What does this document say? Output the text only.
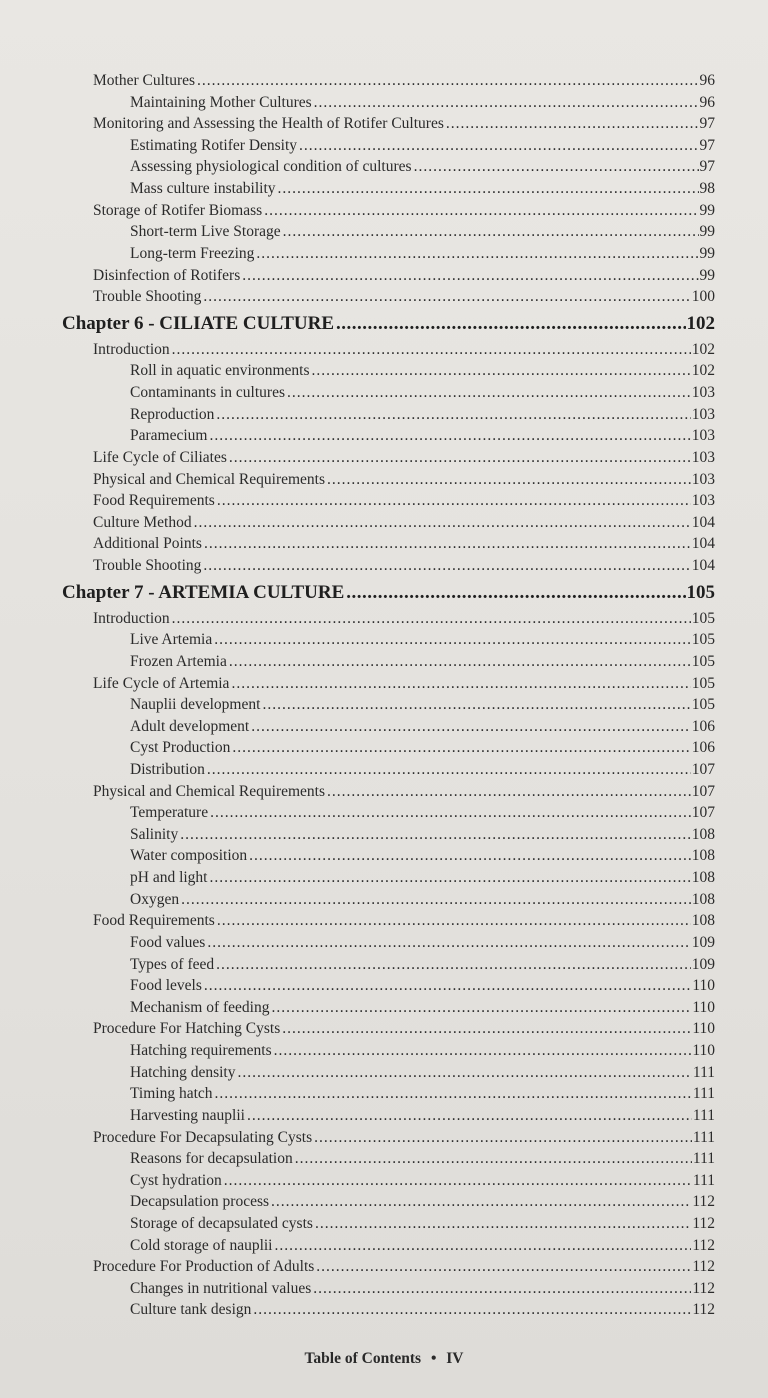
Mother Cultures .....	96
Maintaining Mother Cultures .....	96
Monitoring and Assessing the Health of Rotifer Cultures .....	97
Estimating Rotifer Density .....	97
Assessing physiological condition of cultures .....	97
Mass culture instability .....	98
Storage of Rotifer Biomass .....	99
Short-term Live Storage .....	99
Long-term Freezing .....	99
Disinfection of Rotifers .....	99
Trouble Shooting .....	100
Chapter 6 - CILIATE CULTURE .....	102
Introduction .....	102
Roll in aquatic environments .....	102
Contaminants in cultures .....	103
Reproduction .....	103
Paramecium .....	103
Life Cycle of Ciliates .....	103
Physical and Chemical Requirements .....	103
Food Requirements .....	103
Culture Method .....	104
Additional Points .....	104
Trouble Shooting .....	104
Chapter 7 - ARTEMIA CULTURE .....	105
Introduction .....	105
Live Artemia .....	105
Frozen Artemia .....	105
Life Cycle of Artemia .....	105
Nauplii development .....	105
Adult development .....	106
Cyst Production .....	106
Distribution .....	107
Physical and Chemical Requirements .....	107
Temperature .....	107
Salinity .....	108
Water composition .....	108
pH and light .....	108
Oxygen .....	108
Food Requirements .....	108
Food values .....	109
Types of feed .....	109
Food levels .....	110
Mechanism of feeding .....	110
Procedure For Hatching Cysts .....	110
Hatching requirements .....	110
Hatching density .....	111
Timing hatch .....	111
Harvesting nauplii .....	111
Procedure For Decapsulating Cysts .....	111
Reasons for decapsulation .....	111
Cyst hydration .....	111
Decapsulation process .....	112
Storage of decapsulated cysts .....	112
Cold storage of nauplii .....	112
Procedure For Production of Adults .....	112
Changes in nutritional values .....	112
Culture tank design .....	112
Table of Contents • IV
